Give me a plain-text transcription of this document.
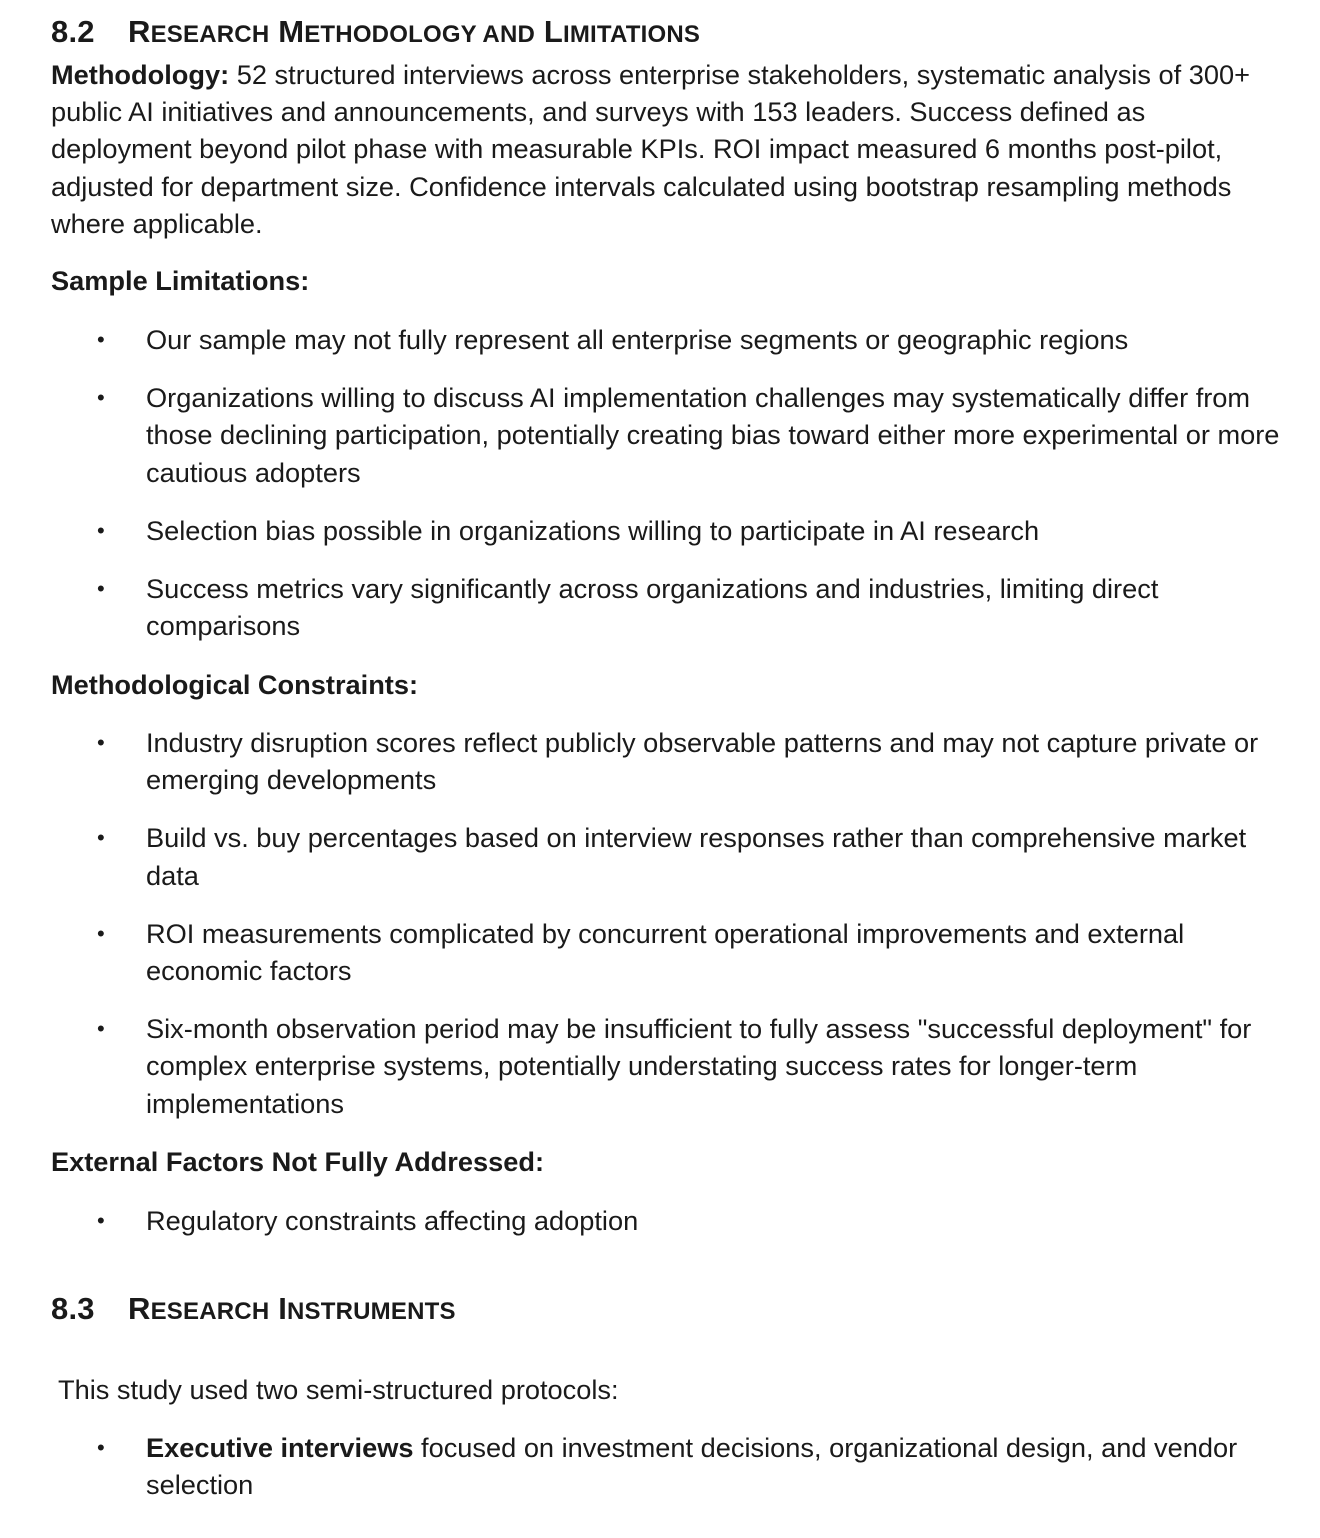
8.2	RESEARCH METHODOLOGY AND LIMITATIONS

Methodology: 52 structured interviews across enterprise stakeholders, systematic analysis of 300+ public AI initiatives and announcements, and surveys with 153 leaders. Success defined as deployment beyond pilot phase with measurable KPIs. ROI impact measured 6 months post-pilot, adjusted for department size. Confidence intervals calculated using bootstrap resampling methods where applicable.

Sample Limitations:

• Our sample may not fully represent all enterprise segments or geographic regions
• Organizations willing to discuss AI implementation challenges may systematically differ from those declining participation, potentially creating bias toward either more experimental or more cautious adopters
• Selection bias possible in organizations willing to participate in AI research
• Success metrics vary significantly across organizations and industries, limiting direct comparisons

Methodological Constraints:

• Industry disruption scores reflect publicly observable patterns and may not capture private or emerging developments
• Build vs. buy percentages based on interview responses rather than comprehensive market data
• ROI measurements complicated by concurrent operational improvements and external economic factors
• Six-month observation period may be insufficient to fully assess "successful deployment" for complex enterprise systems, potentially understating success rates for longer-term implementations

External Factors Not Fully Addressed:

• Regulatory constraints affecting adoption
8.3	RESEARCH INSTRUMENTS

This study used two semi-structured protocols:

• Executive interviews focused on investment decisions, organizational design, and vendor selection
